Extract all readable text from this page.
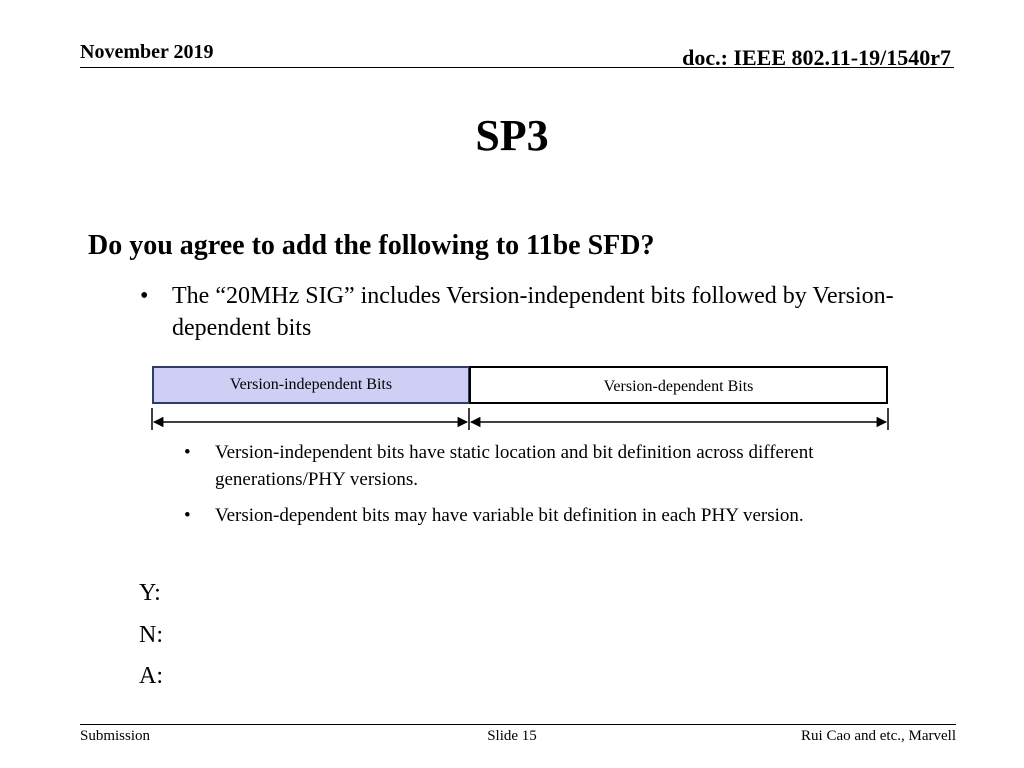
November 2019	doc.: IEEE 802.11-19/1540r7
SP3
Do you agree to add the following to 11be SFD?
• The “20MHz SIG” includes Version-independent bits followed by Version-dependent bits
Version-independent Bits	Version-dependent Bits
• Version-independent bits have static location and bit definition across different generations/PHY versions.
• Version-dependent bits may have variable bit definition in each PHY version.
Y:
N:
A:
Submission	Slide 15	Rui Cao and etc., Marvell
